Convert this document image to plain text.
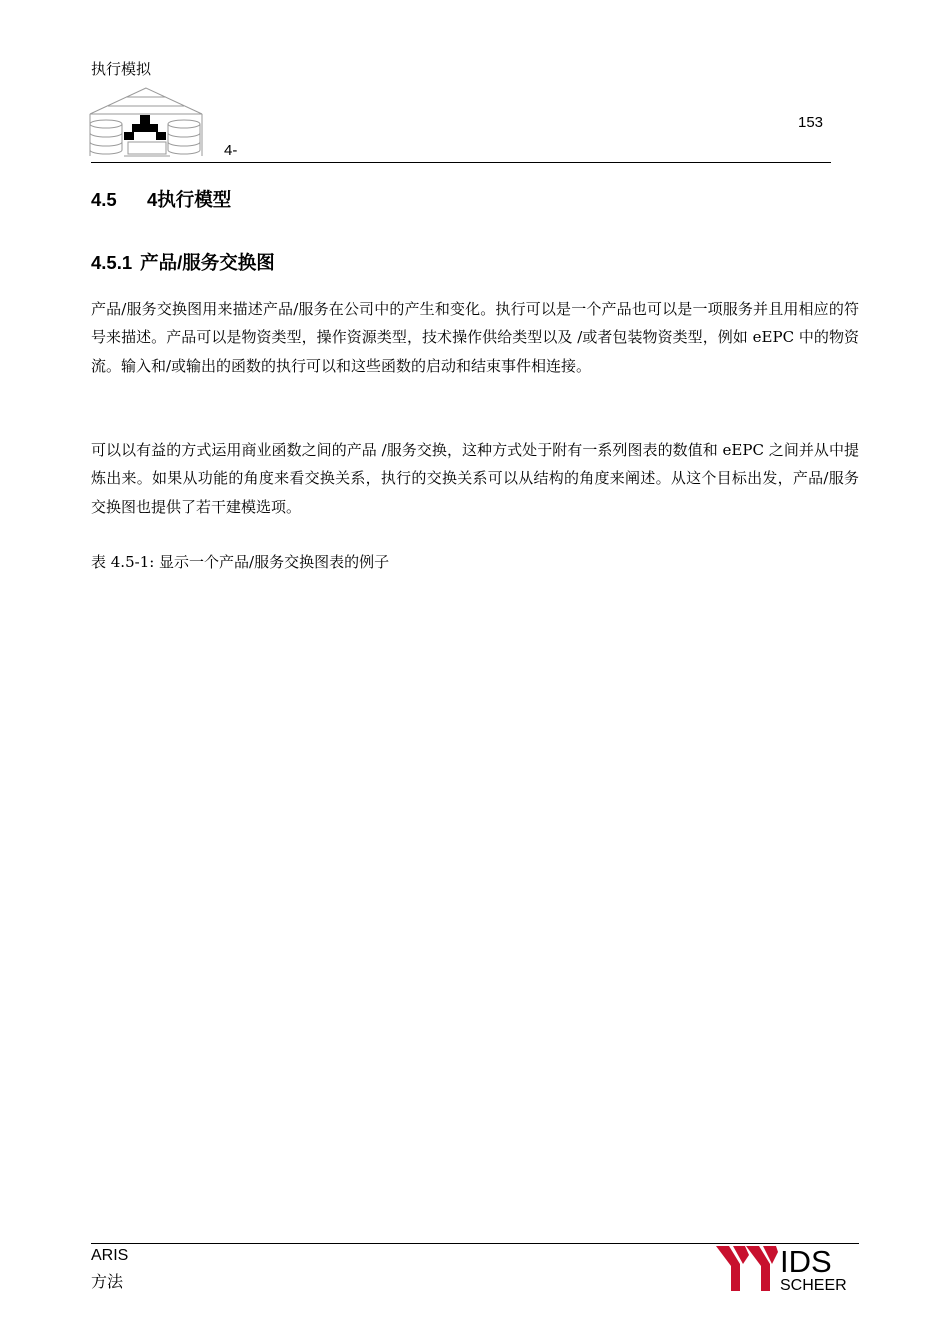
执行模拟
4-
153
4.5 4执行模型
4.5.1 产品/服务交换图
产品/服务交换图用来描述产品/服务在公司中的产生和变化。执行可以是一个产品也可以是一项服务并且用相应的符号来描述。产品可以是物资类型，操作资源类型，技术操作供给类型以及 /或者包装物资类型，例如 eEPC 中的物资流。输入和/或输出的函数的执行可以和这些函数的启动和结束事件相连接。
可以以有益的方式运用商业函数之间的产品 /服务交换，这种方式处于附有一系列图表的数值和 eEPC 之间并从中提炼出来。如果从功能的角度来看交换关系，执行的交换关系可以从结构的角度来阐述。从这个目标出发，产品/服务交换图也提供了若干建模选项。
表 4.5-1: 显示一个产品/服务交换图表的例子
ARIS
方法
IDS
SCHEER
